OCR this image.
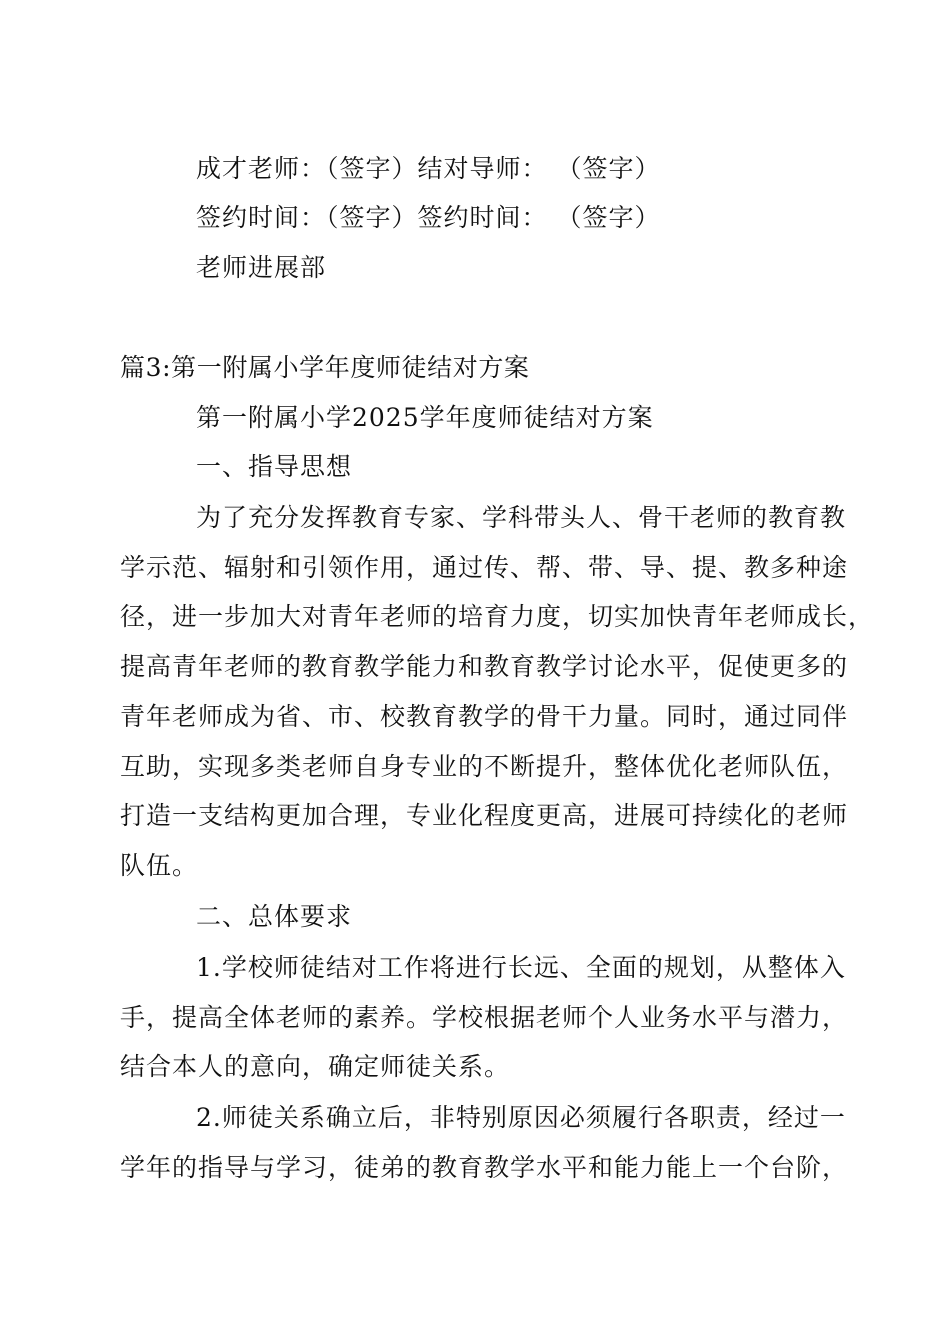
成才老师：（签字）结对导师： （签字）
签约时间：（签字）签约时间： （签字）
老师进展部
篇3:第一附属小学年度师徒结对方案
第一附属小学2025学年度师徒结对方案
一、指导思想
为了充分发挥教育专家、学科带头人、骨干老师的教育教
学示范、辐射和引领作用，通过传、帮、带、导、提、教多种途
径，进一步加大对青年老师的培育力度，切实加快青年老师成长，
提高青年老师的教育教学能力和教育教学讨论水平，促使更多的
青年老师成为省、市、校教育教学的骨干力量。同时，通过同伴
互助，实现多类老师自身专业的不断提升，整体优化老师队伍，
打造一支结构更加合理，专业化程度更高，进展可持续化的老师
队伍。
二、总体要求
1.学校师徒结对工作将进行长远、全面的规划，从整体入
手，提高全体老师的素养。学校根据老师个人业务水平与潜力，
结合本人的意向，确定师徒关系。
2.师徒关系确立后，非特别原因必须履行各职责，经过一
学年的指导与学习，徒弟的教育教学水平和能力能上一个台阶，
